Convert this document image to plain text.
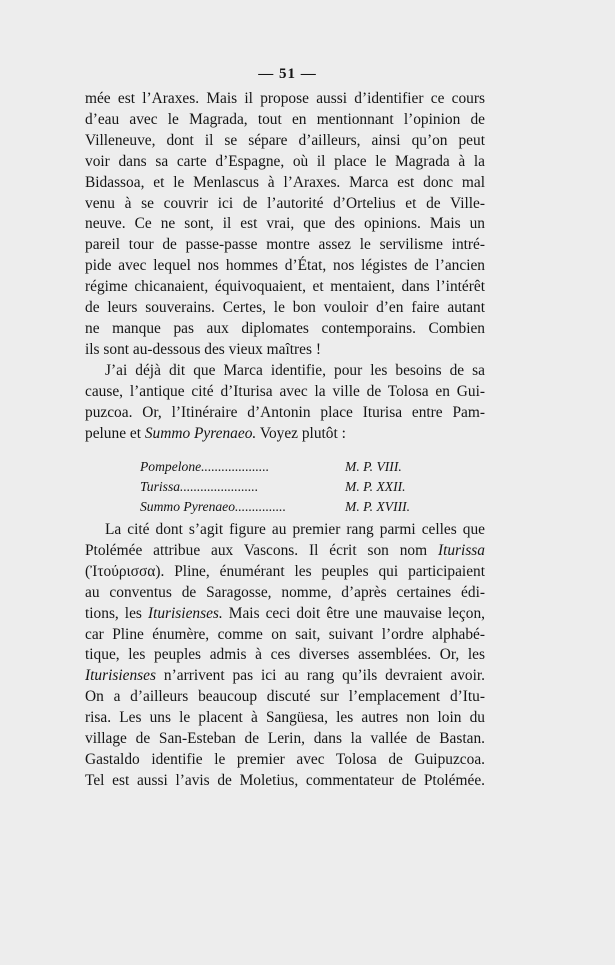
— 51 —
mée est l’Araxes. Mais il propose aussi d’identifier ce cours
d’eau avec le Magrada, tout en mentionnant l’opinion de
Villeneuve, dont il se sépare d’ailleurs, ainsi qu’on peut
voir dans sa carte d’Espagne, où il place le Magrada à la
Bidassoa, et le Menlascus à l’Araxes. Marca est donc mal
venu à se couvrir ici de l’autorité d’Ortelius et de Ville-
neuve. Ce ne sont, il est vrai, que des opinions. Mais un
pareil tour de passe-passe montre assez le servilisme intré-
pide avec lequel nos hommes d’État, nos légistes de l’ancien
régime chicanaient, équivoquaient, et mentaient, dans l’intérêt
de leurs souverains. Certes, le bon vouloir d’en faire autant
ne manque pas aux diplomates contemporains. Combien
ils sont au-dessous des vieux maîtres !
J’ai déjà dit que Marca identifie, pour les besoins de sa
cause, l’antique cité d’Iturisa avec la ville de Tolosa en Gui-
puzcoa. Or, l’Itinéraire d’Antonin place Iturisa entre Pam-
pelune et Summo Pyrenaeo. Voyez plutôt :
Pompelone....................	M. P. VIII.
Turissa.......................	M. P. XXII.
Summo Pyrenaeo...............	M. P. XVIII.
La cité dont s’agit figure au premier rang parmi celles que
Ptolémée attribue aux Vascons. Il écrit son nom Iturissa
(Ἰτούρισσα). Pline, énumérant les peuples qui participaient
au conventus de Saragosse, nomme, d’après certaines édi-
tions, les Iturisienses. Mais ceci doit être une mauvaise leçon,
car Pline énumère, comme on sait, suivant l’ordre alphabé-
tique, les peuples admis à ces diverses assemblées. Or, les
Iturisienses n’arrivent pas ici au rang qu’ils devraient avoir.
On a d’ailleurs beaucoup discuté sur l’emplacement d’Itu-
risa. Les uns le placent à Sangüesa, les autres non loin du
village de San-Esteban de Lerin, dans la vallée de Bastan.
Gastaldo identifie le premier avec Tolosa de Guipuzcoa.
Tel est aussi l’avis de Moletius, commentateur de Ptolémée.
